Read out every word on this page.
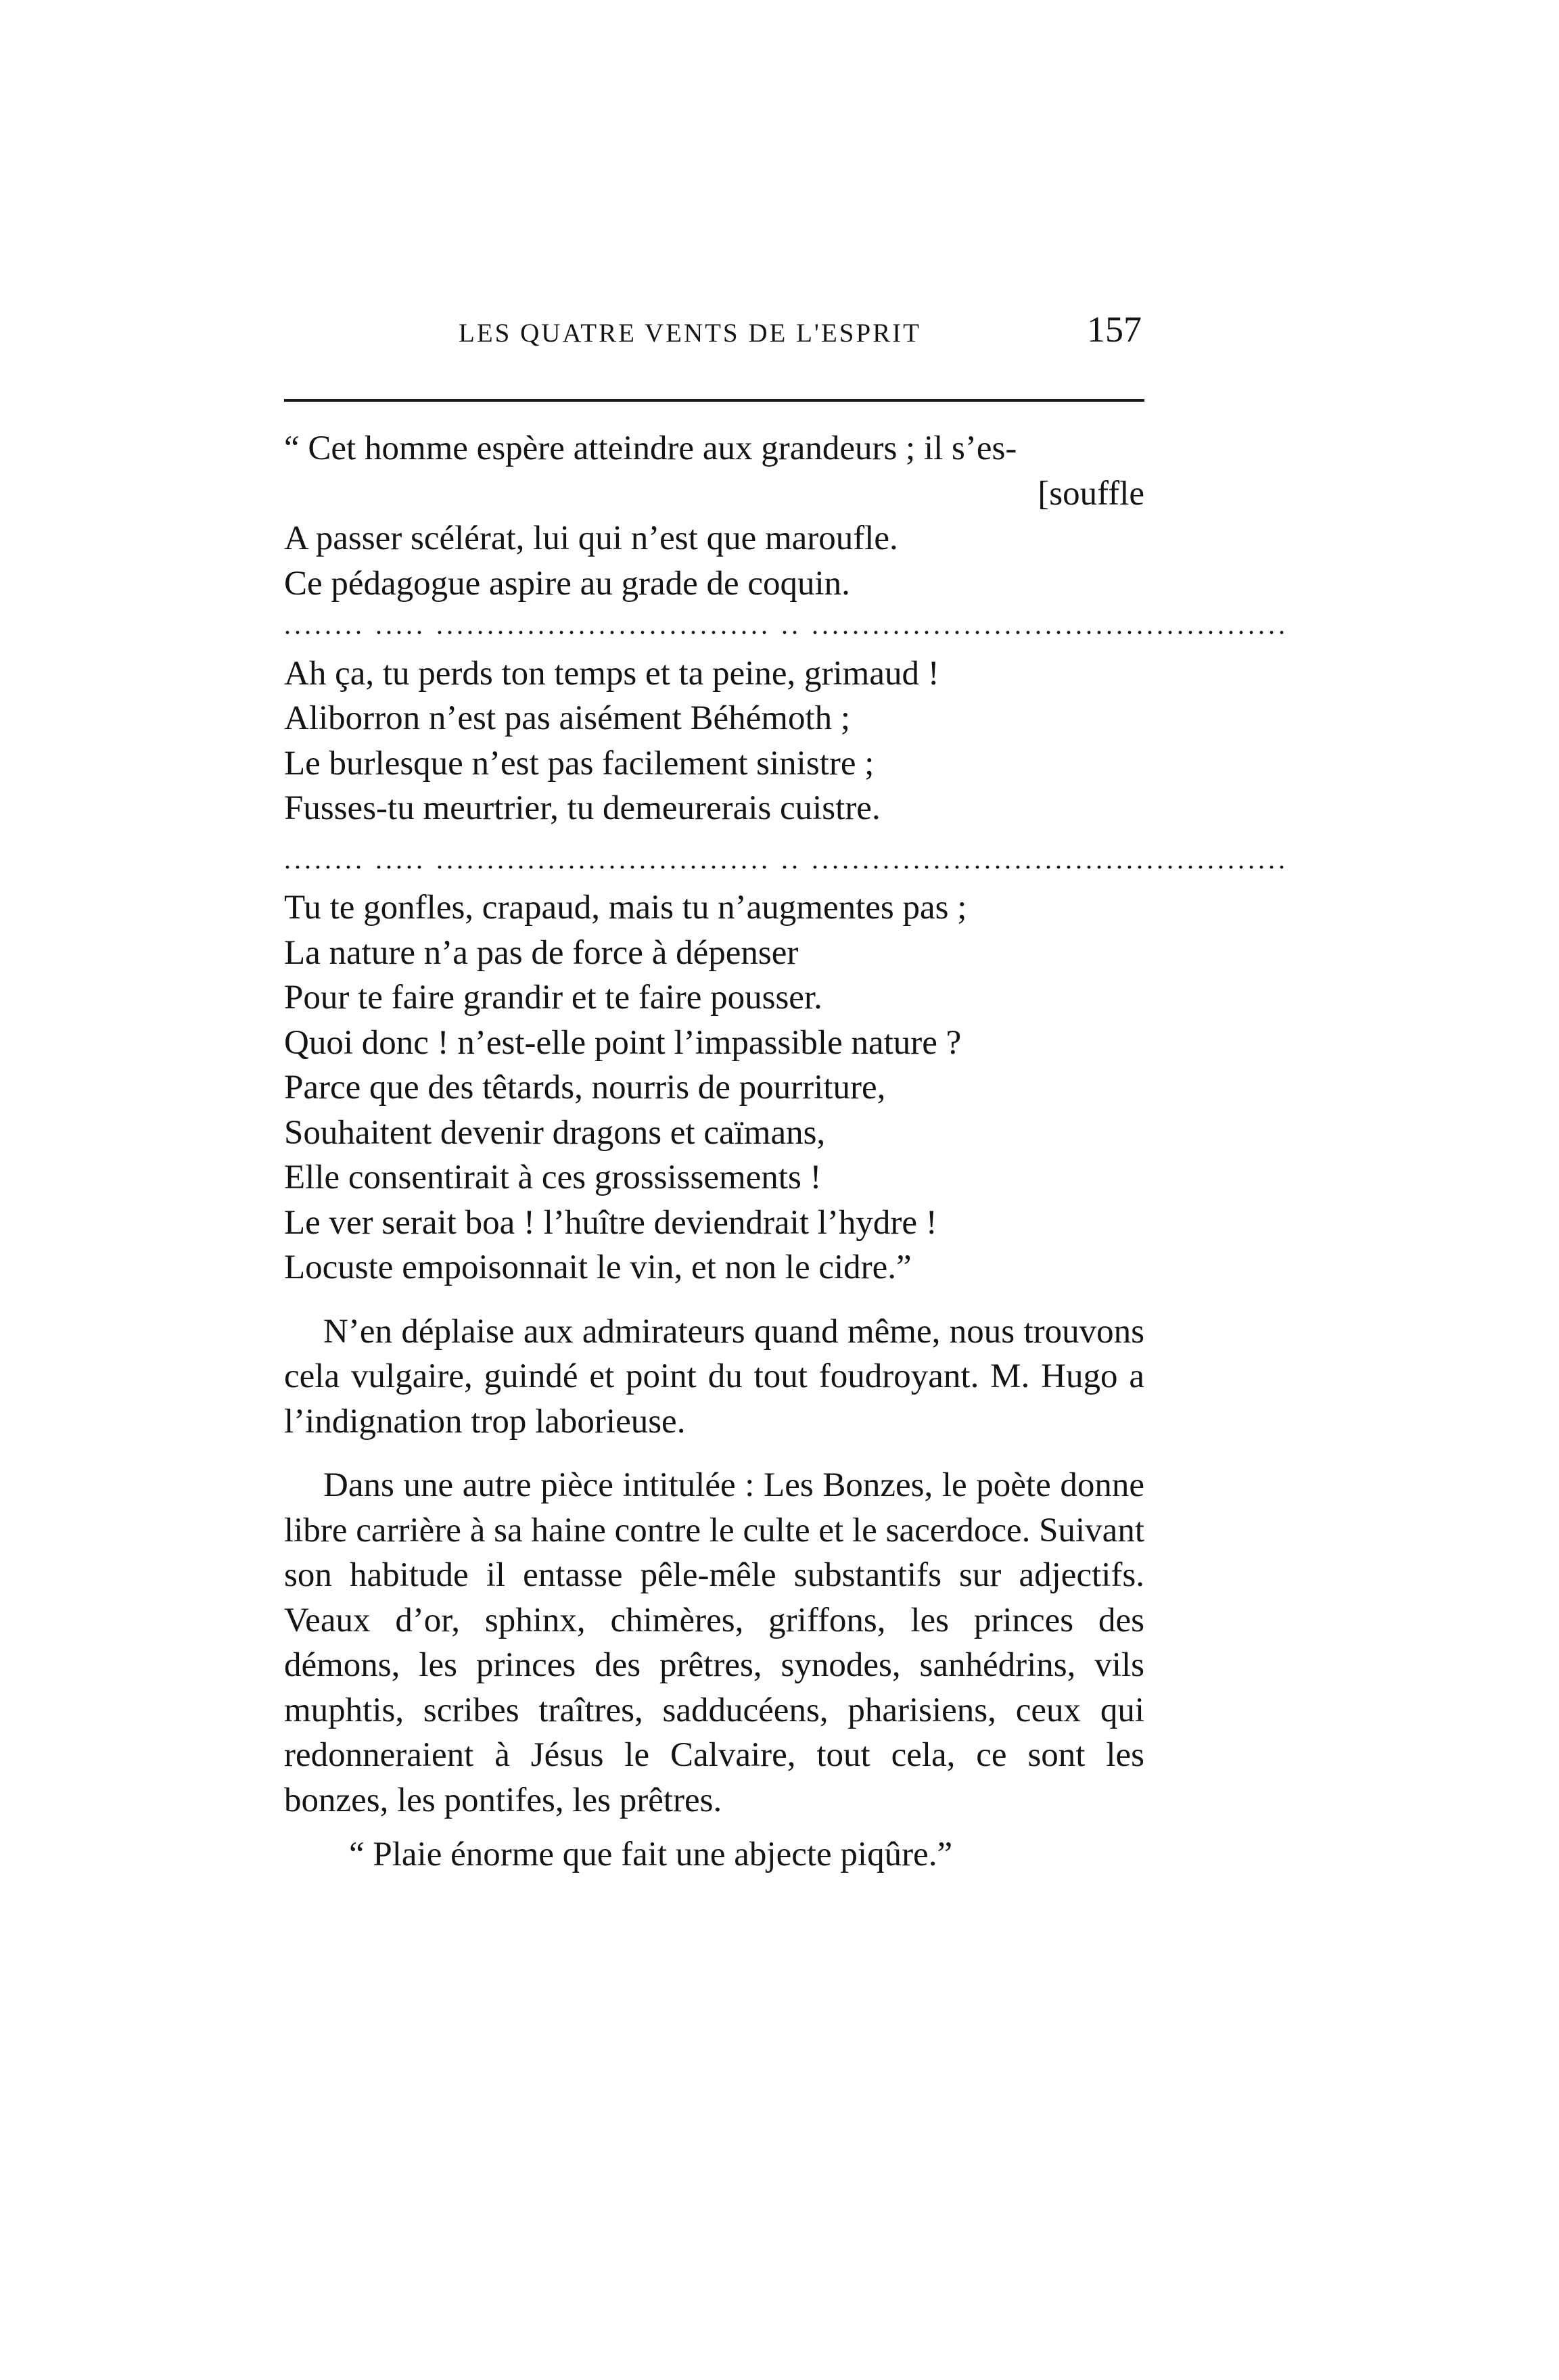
LES QUATRE VENTS DE L'ESPRIT	157
“ Cet homme espère atteindre aux grandeurs ; il s’es-
[souffle
A passer scélérat, lui qui n’est que maroufle.
Ce pédagogue aspire au grade de coquin.
........ ..... ................................. .. ...............................................
Ah ça, tu perds ton temps et ta peine, grimaud !
Aliborron n’est pas aisément Béhémoth ;
Le burlesque n’est pas facilement sinistre ;
Fusses-tu meurtrier, tu demeurerais cuistre.
........ ..... ................................. .. ...............................................
Tu te gonfles, crapaud, mais tu n’augmentes pas ;
La nature n’a pas de force à dépenser
Pour te faire grandir et te faire pousser.
Quoi donc ! n’est-elle point l’impassible nature ?
Parce que des têtards, nourris de pourriture,
Souhaitent devenir dragons et caïmans,
Elle consentirait à ces grossissements !
Le ver serait boa ! l’huître deviendrait l’hydre !
Locuste empoisonnait le vin, et non le cidre.”

N’en déplaise aux admirateurs quand même, nous trouvons cela vulgaire, guindé et point du tout foudroyant. M. Hugo a l’indignation trop laborieuse.

Dans une autre pièce intitulée : Les Bonzes, le poète donne libre carrière à sa haine contre le culte et le sacerdoce. Suivant son habitude il entasse pêle-mêle substantifs sur adjectifs. Veaux d’or, sphinx, chimères, griffons, les princes des démons, les princes des prêtres, synodes, sanhédrins, vils muphtis, scribes traîtres, sadducéens, pharisiens, ceux qui redonneraient à Jésus le Calvaire, tout cela, ce sont les bonzes, les pontifes, les prêtres.

“ Plaie énorme que fait une abjecte piqûre.”
